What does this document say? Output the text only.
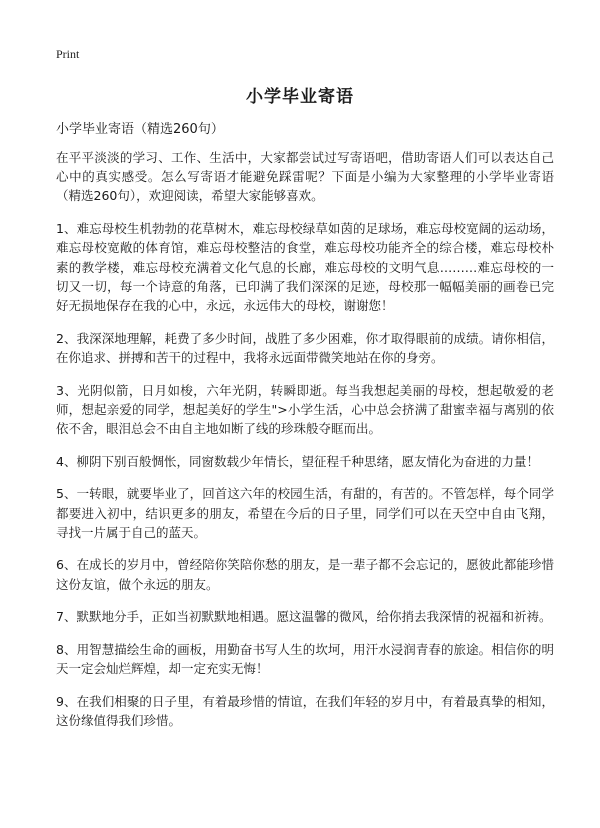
Print
小学毕业寄语
小学毕业寄语（精选260句）

在平平淡淡的学习、工作、生活中，大家都尝试过写寄语吧，借助寄语人们可以表达自己心中的真实感受。怎么写寄语才能避免踩雷呢？下面是小编为大家整理的小学毕业寄语（精选260句），欢迎阅读，希望大家能够喜欢。

1、难忘母校生机勃勃的花草树木，难忘母校绿草如茵的足球场，难忘母校宽阔的运动场，难忘母校宽敞的体育馆，难忘母校整洁的食堂，难忘母校功能齐全的综合楼，难忘母校朴素的教学楼，难忘母校充满着文化气息的长廊，难忘母校的文明气息………难忘母校的一切又一切，每一个诗意的角落，已印满了我们深深的足迹，母校那一幅幅美丽的画卷已完好无损地保存在我的心中，永远，永远伟大的母校，谢谢您！

2、我深深地理解，耗费了多少时间，战胜了多少困难，你才取得眼前的成绩。请你相信，在你追求、拼搏和苦干的过程中，我将永远面带微笑地站在你的身旁。

3、光阴似箭，日月如梭，六年光阴，转瞬即逝。每当我想起美丽的母校，想起敬爱的老师，想起亲爱的同学，想起美好的学生">小学生活，心中总会挤满了甜蜜幸福与离别的依依不舍，眼泪总会不由自主地如断了线的珍珠般夺眶而出。

4、柳阴下别百般惆怅，同窗数载少年情长，望征程千种思绪，愿友情化为奋进的力量！

5、一转眼，就要毕业了，回首这六年的校园生活，有甜的，有苦的。不管怎样，每个同学都要进入初中，结识更多的朋友，希望在今后的日子里，同学们可以在天空中自由飞翔，寻找一片属于自己的蓝天。

6、在成长的岁月中，曾经陪你笑陪你愁的朋友，是一辈子都不会忘记的，愿彼此都能珍惜这份友谊，做个永远的朋友。

7、默默地分手，正如当初默默地相遇。愿这温馨的微风，给你捎去我深情的祝福和祈祷。

8、用智慧描绘生命的画板，用勤奋书写人生的坎坷，用汗水浸润青春的旅途。相信你的明天一定会灿烂辉煌，却一定充实无悔！

9、在我们相聚的日子里，有着最珍惜的情谊，在我们年轻的岁月中，有着最真挚的相知，这份缘值得我们珍惜。
